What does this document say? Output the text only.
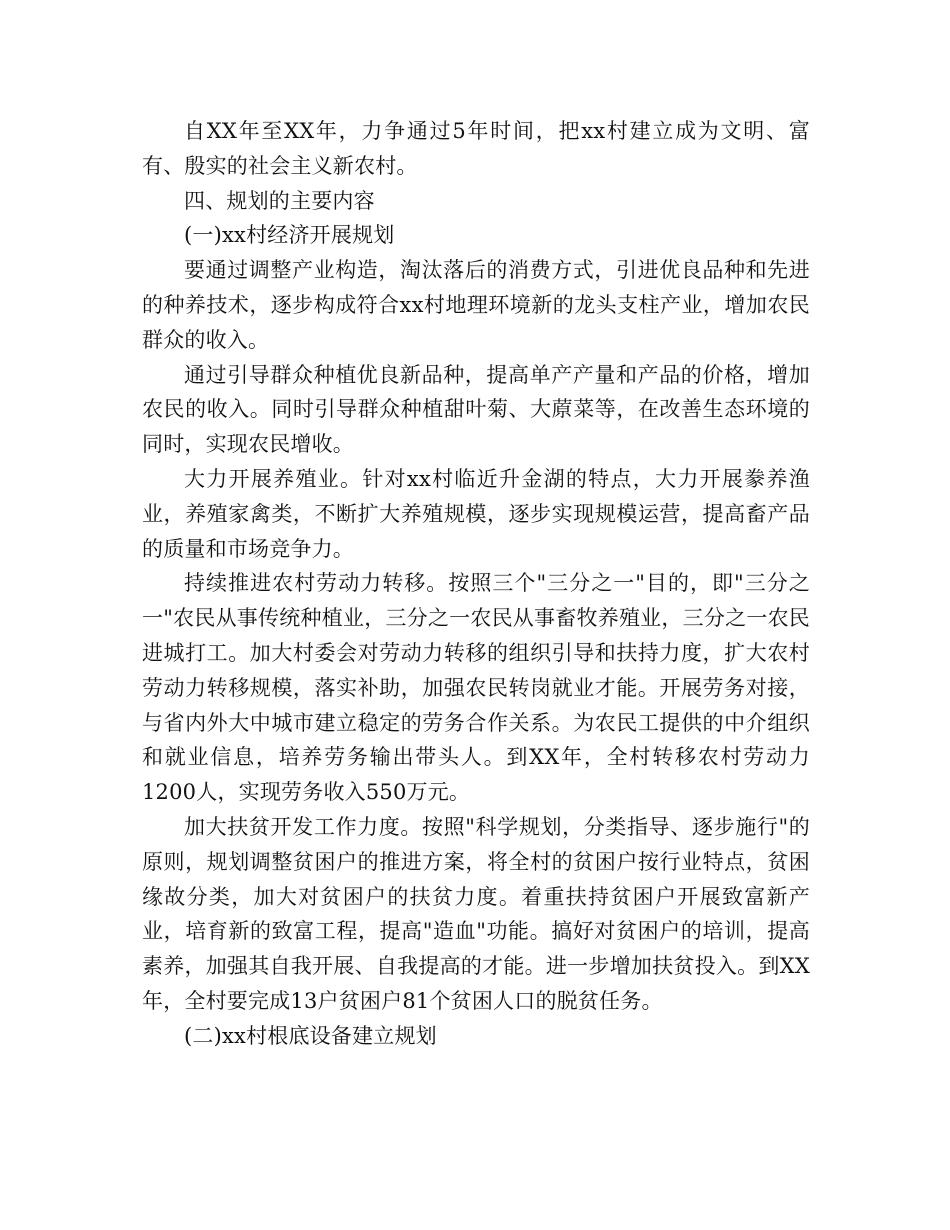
自XX年至XX年，力争通过5年时间，把xx村建立成为文明、富有、殷实的社会主义新农村。

四、规划的主要内容

(一)xx村经济开展规划

要通过调整产业构造，淘汰落后的消费方式，引进优良品种和先进的种养技术，逐步构成符合xx村地理环境新的龙头支柱产业，增加农民群众的收入。

通过引导群众种植优良新品种，提高单产产量和产品的价格，增加农民的收入。同时引导群众种植甜叶菊、大蒝菜等，在改善生态环境的同时，实现农民增收。

大力开展养殖业。针对xx村临近升金湖的特点，大力开展豢养渔业，养殖家禽类，不断扩大养殖规模，逐步实现规模运营，提高畜产品的质量和市场竞争力。

持续推进农村劳动力转移。按照三个"三分之一"目的，即"三分之一"农民从事传统种植业，三分之一农民从事畜牧养殖业，三分之一农民进城打工。加大村委会对劳动力转移的组织引导和扶持力度，扩大农村劳动力转移规模，落实补助，加强农民转岗就业才能。开展劳务对接，与省内外大中城市建立稳定的劳务合作关系。为农民工提供的中介组织和就业信息，培养劳务输出带头人。到XX年，全村转移农村劳动力1200人，实现劳务收入550万元。

加大扶贫开发工作力度。按照"科学规划，分类指导、逐步施行"的原则，规划调整贫困户的推进方案，将全村的贫困户按行业特点，贫困缘故分类，加大对贫困户的扶贫力度。着重扶持贫困户开展致富新产业，培育新的致富工程，提高"造血"功能。搞好对贫困户的培训，提高素养，加强其自我开展、自我提高的才能。进一步增加扶贫投入。到XX年，全村要完成13户贫困户81个贫困人口的脱贫任务。

(二)xx村根底设备建立规划
